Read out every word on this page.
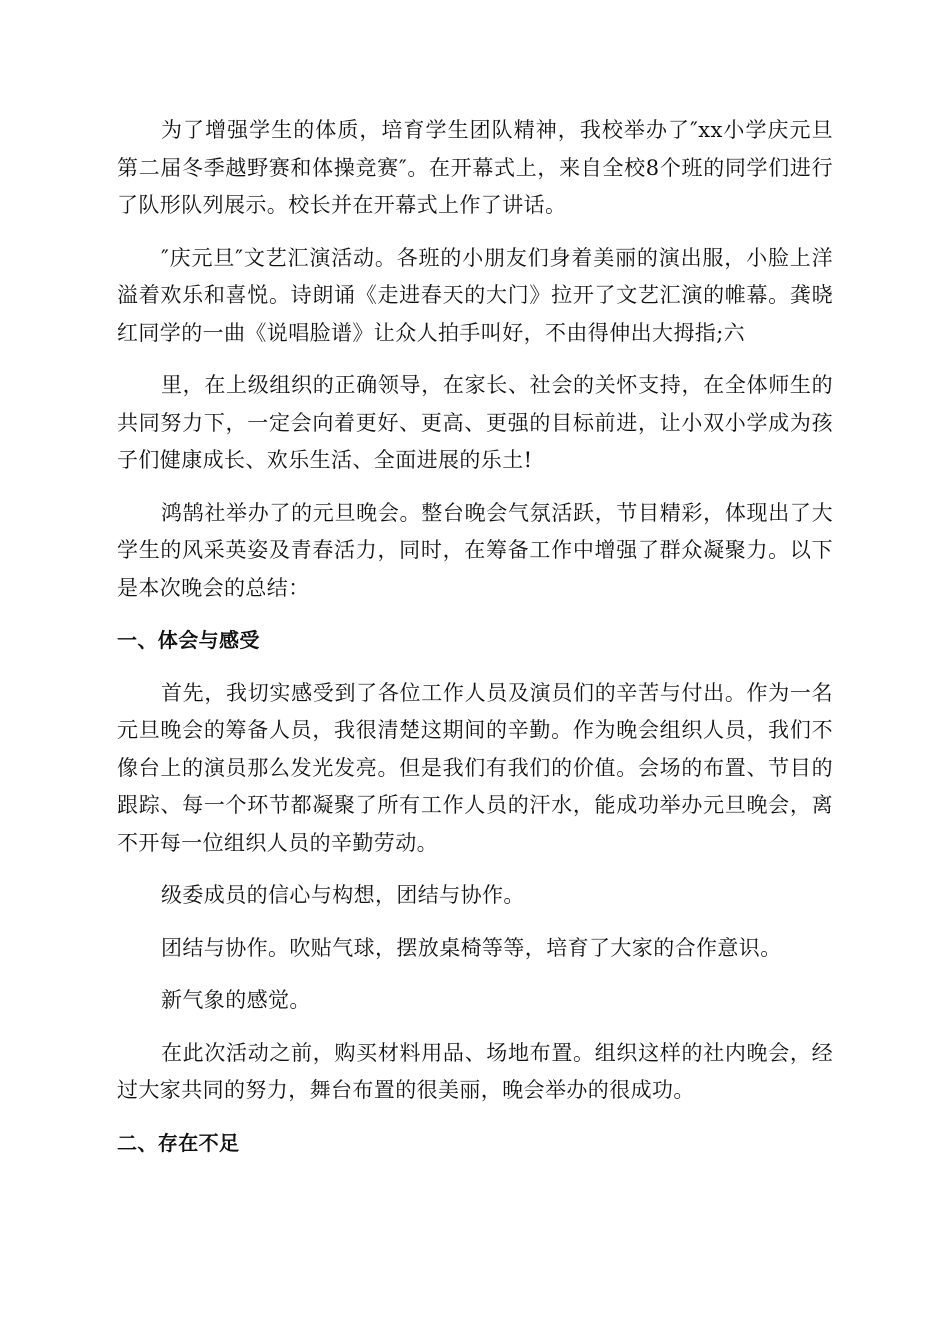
为了增强学生的体质，培育学生团队精神，我校举办了″xx小学庆元旦第二届冬季越野赛和体操竞赛″。在开幕式上，来自全校8个班的同学们进行了队形队列展示。校长并在开幕式上作了讲话。

″庆元旦″文艺汇演活动。各班的小朋友们身着美丽的演出服，小脸上洋溢着欢乐和喜悦。诗朗诵《走进春天的大门》拉开了文艺汇演的帷幕。龚晓红同学的一曲《说唱脸谱》让众人拍手叫好，不由得伸出大拇指;六

里，在上级组织的正确领导，在家长、社会的关怀支持，在全体师生的共同努力下，一定会向着更好、更高、更强的目标前进，让小双小学成为孩子们健康成长、欢乐生活、全面进展的乐土!

鸿鹄社举办了的元旦晚会。整台晚会气氛活跃，节目精彩，体现出了大学生的风采英姿及青春活力，同时，在筹备工作中增强了群众凝聚力。以下是本次晚会的总结：

一、体会与感受

首先，我切实感受到了各位工作人员及演员们的辛苦与付出。作为一名元旦晚会的筹备人员，我很清楚这期间的辛勤。作为晚会组织人员，我们不像台上的演员那么发光发亮。但是我们有我们的价值。会场的布置、节目的跟踪、每一个环节都凝聚了所有工作人员的汗水，能成功举办元旦晚会，离不开每一位组织人员的辛勤劳动。

级委成员的信心与构想，团结与协作。

团结与协作。吹贴气球，摆放桌椅等等，培育了大家的合作意识。

新气象的感觉。

在此次活动之前，购买材料用品、场地布置。组织这样的社内晚会，经过大家共同的努力，舞台布置的很美丽，晚会举办的很成功。

二、存在不足
